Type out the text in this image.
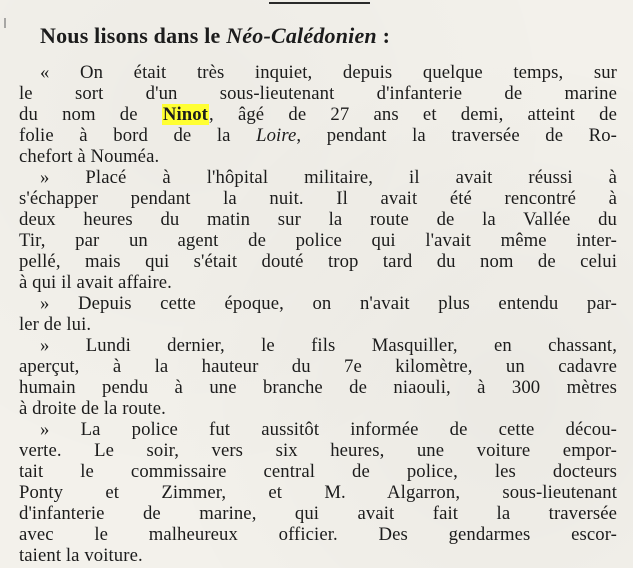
Nous lisons dans le Néo-Calédonien :
« On était très inquiet, depuis quelque temps, sur
le sort d'un sous-lieutenant d'infanterie de marine
du nom de Ninot, âgé de 27 ans et demi, atteint de
folie à bord de la Loire, pendant la traversée de Ro-
chefort à Nouméa.
» Placé à l'hôpital militaire, il avait réussi à
s'échapper pendant la nuit. Il avait été rencontré à
deux heures du matin sur la route de la Vallée du
Tir, par un agent de police qui l'avait même inter-
pellé, mais qui s'était douté trop tard du nom de celui
à qui il avait affaire.
» Depuis cette époque, on n'avait plus entendu par-
ler de lui.
» Lundi dernier, le fils Masquiller, en chassant,
aperçut, à la hauteur du 7e kilomètre, un cadavre
humain pendu à une branche de niaouli, à 300 mètres
à droite de la route.
» La police fut aussitôt informée de cette décou-
verte. Le soir, vers six heures, une voiture empor-
tait le commissaire central de police, les docteurs
Ponty et Zimmer, et M. Algarron, sous-lieutenant
d'infanterie de marine, qui avait fait la traversée
avec le malheureux officier. Des gendarmes escor-
taient la voiture.
